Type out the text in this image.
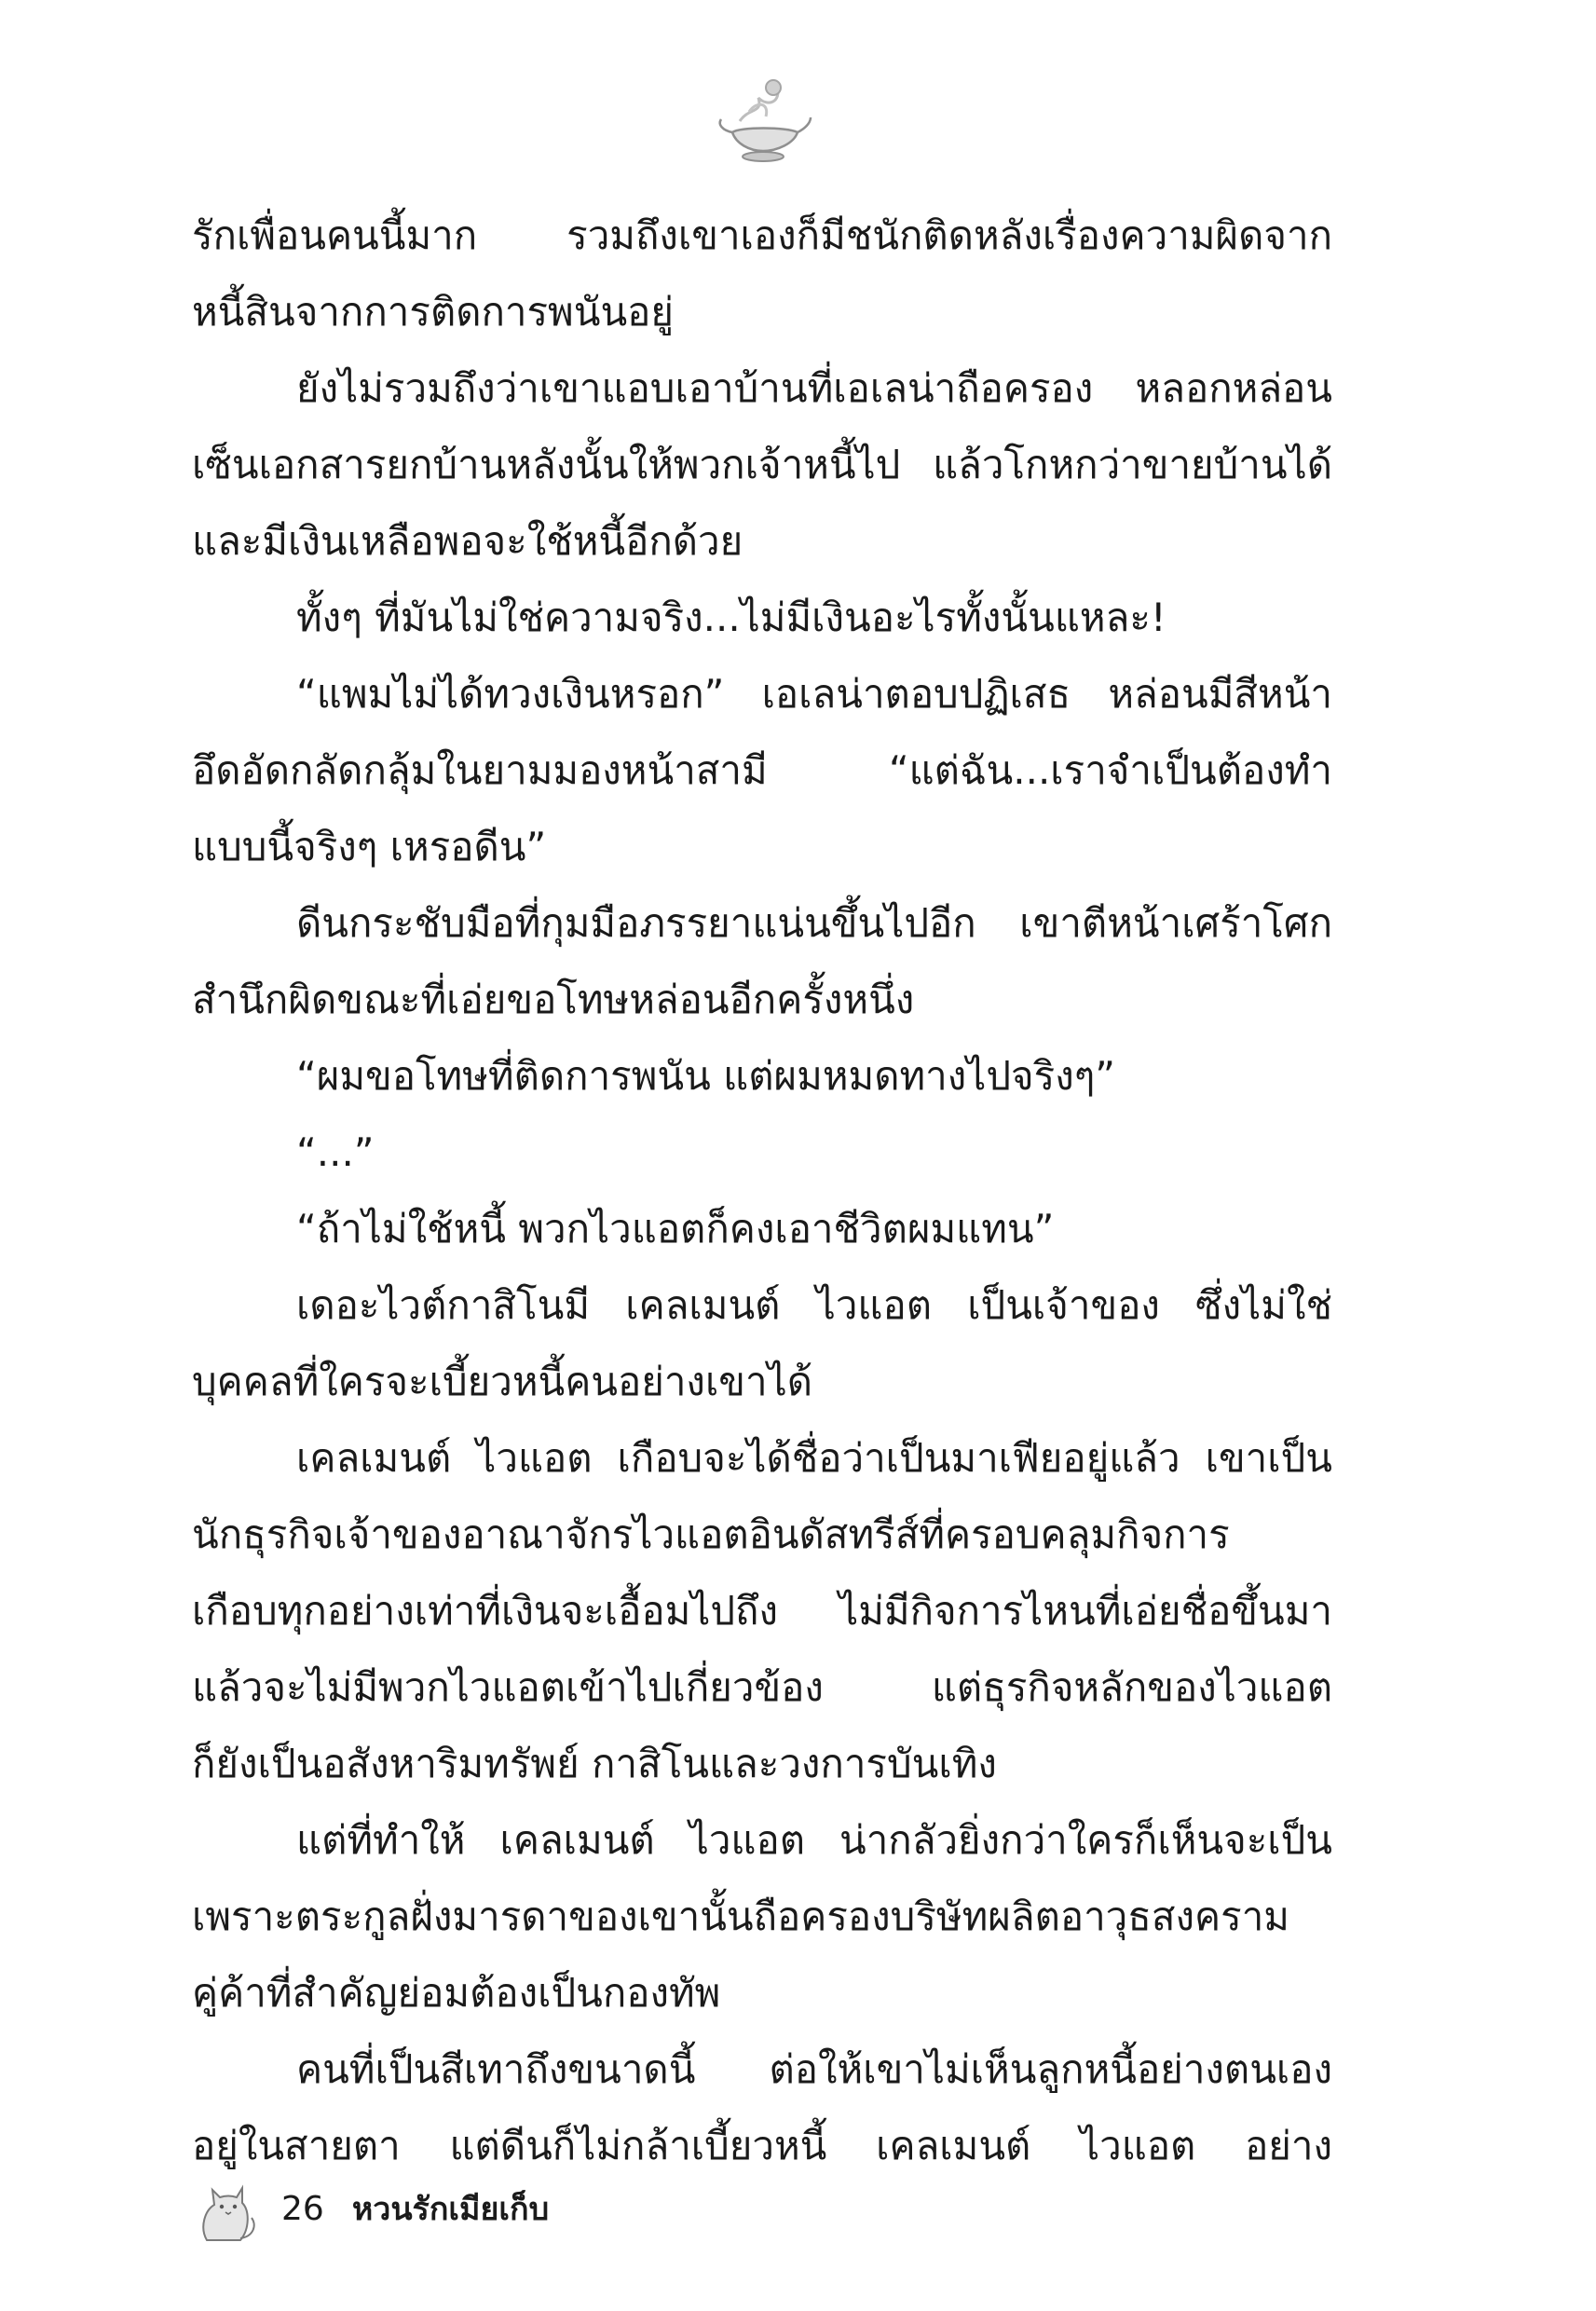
รักเพื่อนคนนี้มาก รวมถึงเขาเองก็มีชนักติดหลังเรื่องความผิดจาก
หนี้สินจากการติดการพนันอยู่
ยังไม่รวมถึงว่าเขาแอบเอาบ้านที่เอเลน่าถือครอง หลอกหล่อน
เซ็นเอกสารยกบ้านหลังนั้นให้พวกเจ้าหนี้ไป แล้วโกหกว่าขายบ้านได้
และมีเงินเหลือพอจะใช้หนี้อีกด้วย
ทั้งๆ ที่มันไม่ใช่ความจริง...ไม่มีเงินอะไรทั้งนั้นแหละ!
“แพมไม่ได้ทวงเงินหรอก” เอเลน่าตอบปฏิเสธ หล่อนมีสีหน้า
อึดอัดกลัดกลุ้มในยามมองหน้าสามี “แต่ฉัน...เราจำเป็นต้องทำ
แบบนี้จริงๆ เหรอดีน”
ดีนกระชับมือที่กุมมือภรรยาแน่นขึ้นไปอีก เขาตีหน้าเศร้าโศก
สำนึกผิดขณะที่เอ่ยขอโทษหล่อนอีกครั้งหนึ่ง
“ผมขอโทษที่ติดการพนัน แต่ผมหมดทางไปจริงๆ”
“...”
“ถ้าไม่ใช้หนี้ พวกไวแอตก็คงเอาชีวิตผมแทน”
เดอะไวต์กาสิโนมี เคลเมนต์ ไวแอต เป็นเจ้าของ ซึ่งไม่ใช่
บุคคลที่ใครจะเบี้ยวหนี้คนอย่างเขาได้
เคลเมนต์ ไวแอต เกือบจะได้ชื่อว่าเป็นมาเฟียอยู่แล้ว เขาเป็น
นักธุรกิจเจ้าของอาณาจักรไวแอตอินดัสทรีส์ที่ครอบคลุมกิจการ
เกือบทุกอย่างเท่าที่เงินจะเอื้อมไปถึง ไม่มีกิจการไหนที่เอ่ยชื่อขึ้นมา
แล้วจะไม่มีพวกไวแอตเข้าไปเกี่ยวข้อง แต่ธุรกิจหลักของไวแอต
ก็ยังเป็นอสังหาริมทรัพย์ กาสิโนและวงการบันเทิง
แต่ที่ทำให้ เคลเมนต์ ไวแอต น่ากลัวยิ่งกว่าใครก็เห็นจะเป็น
เพราะตระกูลฝั่งมารดาของเขานั้นถือครองบริษัทผลิตอาวุธสงคราม
คู่ค้าที่สำคัญย่อมต้องเป็นกองทัพ
คนที่เป็นสีเทาถึงขนาดนี้ ต่อให้เขาไม่เห็นลูกหนี้อย่างตนเอง
อยู่ในสายตา แต่ดีนก็ไม่กล้าเบี้ยวหนี้ เคลเมนต์ ไวแอต อย่าง
26 หวนรักเมียเก็บ
